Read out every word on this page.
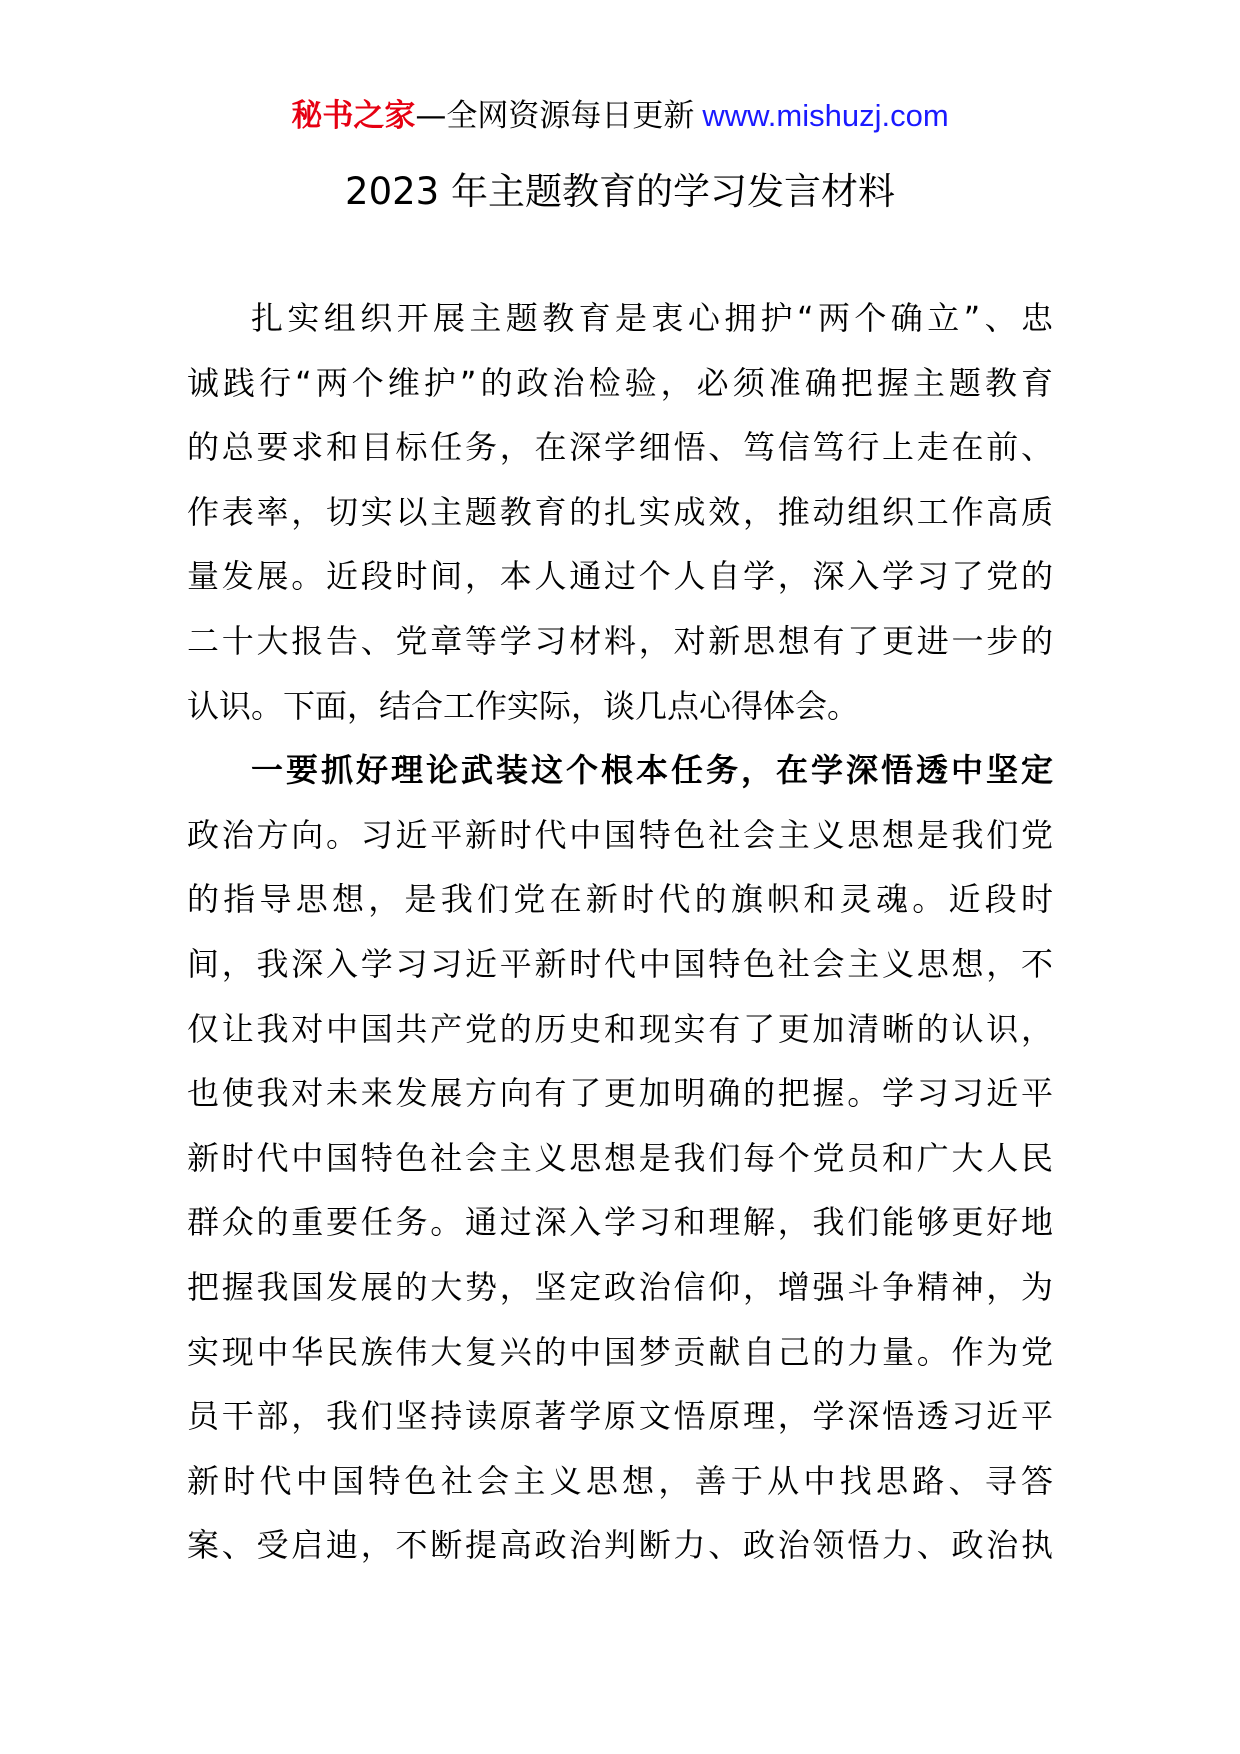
秘书之家—全网资源每日更新 www.mishuzj.com
2023 年主题教育的学习发言材料
扎实组织开展主题教育是衷心拥护“两个确立”、忠
诚践行“两个维护”的政治检验，必须准确把握主题教育
的总要求和目标任务，在深学细悟、笃信笃行上走在前、
作表率，切实以主题教育的扎实成效，推动组织工作高质
量发展。近段时间，本人通过个人自学，深入学习了党的
二十大报告、党章等学习材料，对新思想有了更进一步的
认识。下面，结合工作实际，谈几点心得体会。
一要抓好理论武装这个根本任务，在学深悟透中坚定
政治方向。习近平新时代中国特色社会主义思想是我们党
的指导思想，是我们党在新时代的旗帜和灵魂。近段时
间，我深入学习习近平新时代中国特色社会主义思想，不
仅让我对中国共产党的历史和现实有了更加清晰的认识，
也使我对未来发展方向有了更加明确的把握。学习习近平
新时代中国特色社会主义思想是我们每个党员和广大人民
群众的重要任务。通过深入学习和理解，我们能够更好地
把握我国发展的大势，坚定政治信仰，增强斗争精神，为
实现中华民族伟大复兴的中国梦贡献自己的力量。作为党
员干部，我们坚持读原著学原文悟原理，学深悟透习近平
新时代中国特色社会主义思想，善于从中找思路、寻答
案、受启迪，不断提高政治判断力、政治领悟力、政治执
